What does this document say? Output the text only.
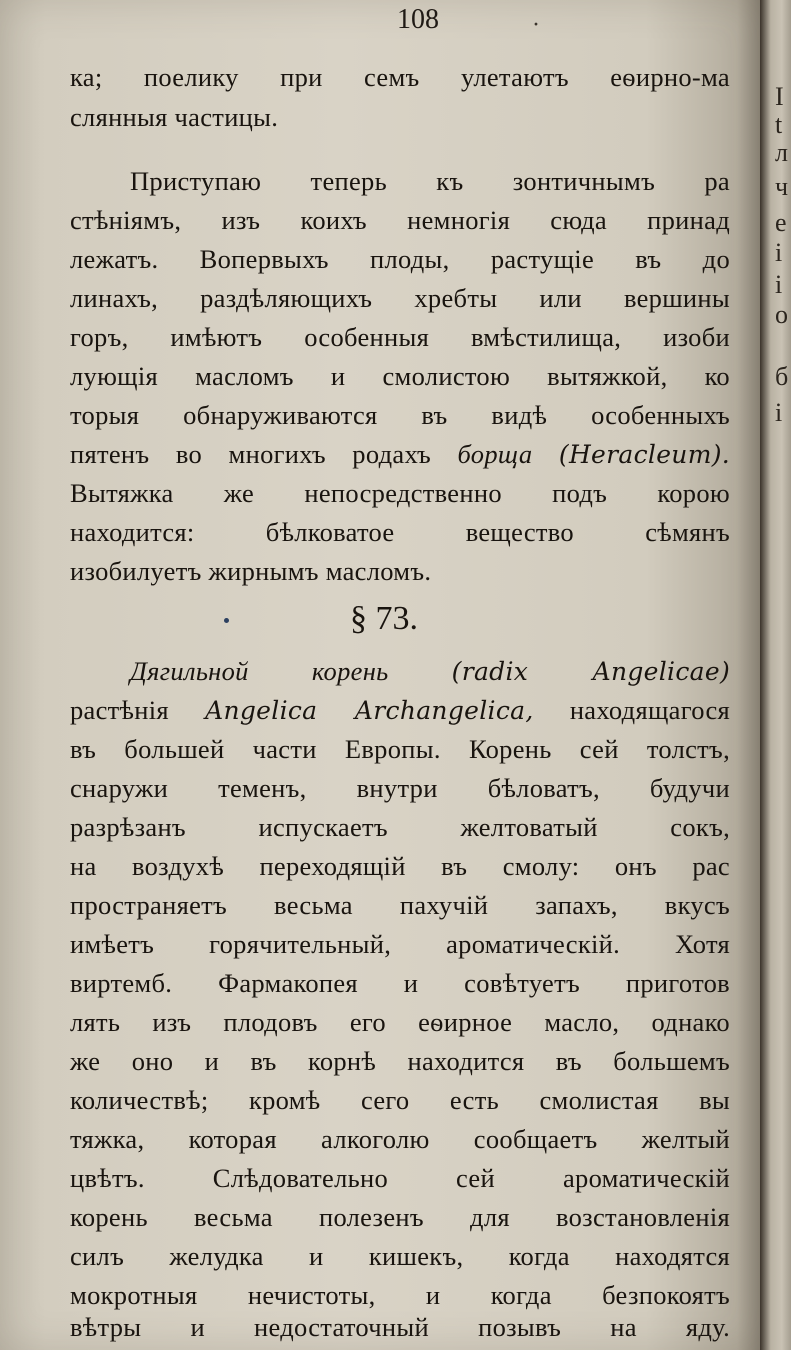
108	·
ка; поелику при семъ улетаютъ еѳирно-ма
слянныя частицы.
Приступаю теперь къ зонтичнымъ ра
стѣніямъ, изъ коихъ немногія сюда принад
лежатъ. Вопервыхъ плоды, растущіе въ до
линахъ, раздѣляющихъ хребты или вершины
горъ, имѣютъ особенныя вмѣстилища, изоби
лующія масломъ и смолистою вытяжкой, ко
торыя обнаруживаются въ видѣ особенныхъ
пятенъ во многихъ родахъ борща (Heracleum).
Вытяжка же непосредственно подъ корою
находится: бѣлковатое вещество сѣмянъ
изобилуетъ жирнымъ масломъ.
§ 73.
Дягильной корень	(radix Angelicae)
растѣнія Angelica Archangelica, находящагося
въ большей части Европы. Корень сей толстъ,
снаружи теменъ, внутри бѣловатъ, будучи
разрѣзанъ испускаетъ желтоватый сокъ,
на воздухѣ переходящій въ смолу: онъ рас
пространяетъ весьма пахучій запахъ, вкусъ
имѣетъ горячительный, ароматическій. Хотя
виртемб. Фармакопея и совѣтуетъ приготов
лять изъ плодовъ его еѳирное масло, однако
же оно и въ корнѣ находится въ большемъ
количествѣ; кромѣ сего есть смолистая вы
тяжка, которая алкоголю сообщаетъ желтый
цвѣтъ. Слѣдовательно сей ароматическій
корень весьма полезенъ для возстановленія
силъ желудка и кишекъ, когда находятся
мокротныя нечистоты, и когда безпокоятъ
вѣтры и недостаточный позывъ на яду.
I
t
л
ч
е
і
і
о
б
і
